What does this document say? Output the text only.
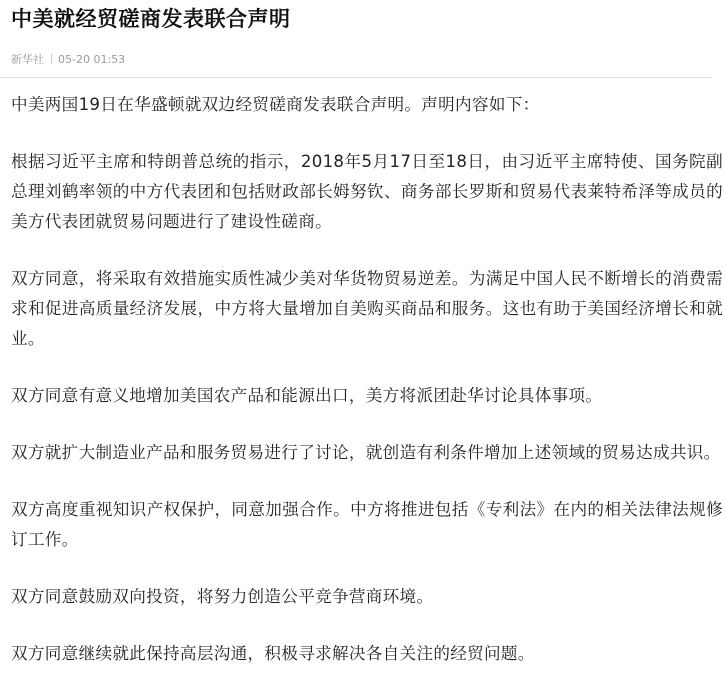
中美就经贸磋商发表联合声明
新华社 05-20 01:53

中美两国19日在华盛顿就双边经贸磋商发表联合声明。声明内容如下：

根据习近平主席和特朗普总统的指示，2018年5月17日至18日，由习近平主席特使、国务院副总理刘鹤率领的中方代表团和包括财政部长姆努钦、商务部长罗斯和贸易代表莱特希泽等成员的美方代表团就贸易问题进行了建设性磋商。

双方同意，将采取有效措施实质性减少美对华货物贸易逆差。为满足中国人民不断增长的消费需求和促进高质量经济发展，中方将大量增加自美购买商品和服务。这也有助于美国经济增长和就业。

双方同意有意义地增加美国农产品和能源出口，美方将派团赴华讨论具体事项。

双方就扩大制造业产品和服务贸易进行了讨论，就创造有利条件增加上述领域的贸易达成共识。

双方高度重视知识产权保护，同意加强合作。中方将推进包括《专利法》在内的相关法律法规修订工作。

双方同意鼓励双向投资，将努力创造公平竞争营商环境。

双方同意继续就此保持高层沟通，积极寻求解决各自关注的经贸问题。
